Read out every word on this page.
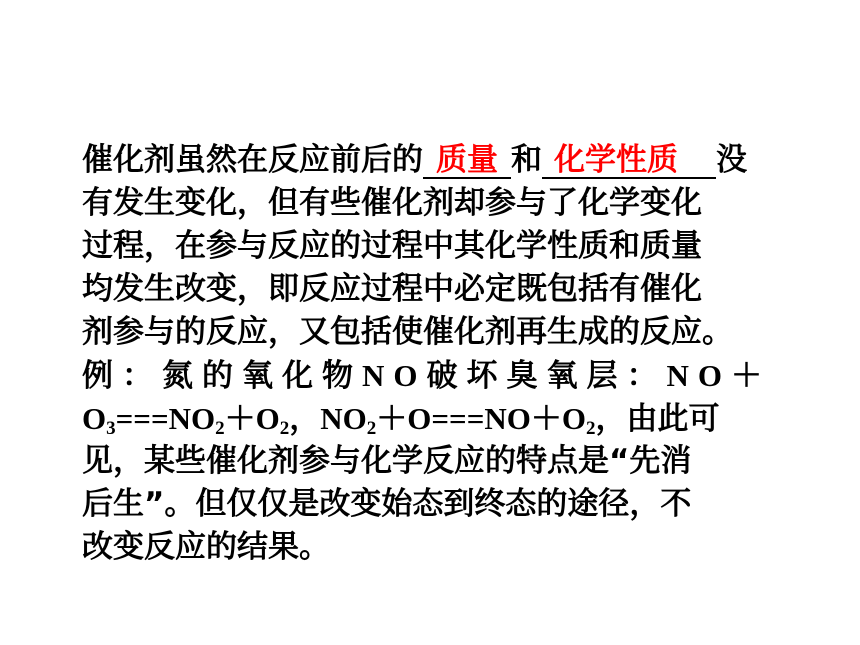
催化剂虽然在反应前后的 质量 和 化学性质 没
有发生变化，但有些催化剂却参与了化学变化
过程，在参与反应的过程中其化学性质和质量
均发生改变，即反应过程中必定既包括有催化
剂参与的反应，又包括使催化剂再生成的反应。
例：氮的氧化物NO破坏臭氧层：NO＋
$O_3===NO_2+O_2$，$NO_2+O===NO+O_2$，由此可
见，某些催化剂参与化学反应的特点是“先消
后生”。但仅仅是改变始态到终态的途径，不
改变反应的结果。
